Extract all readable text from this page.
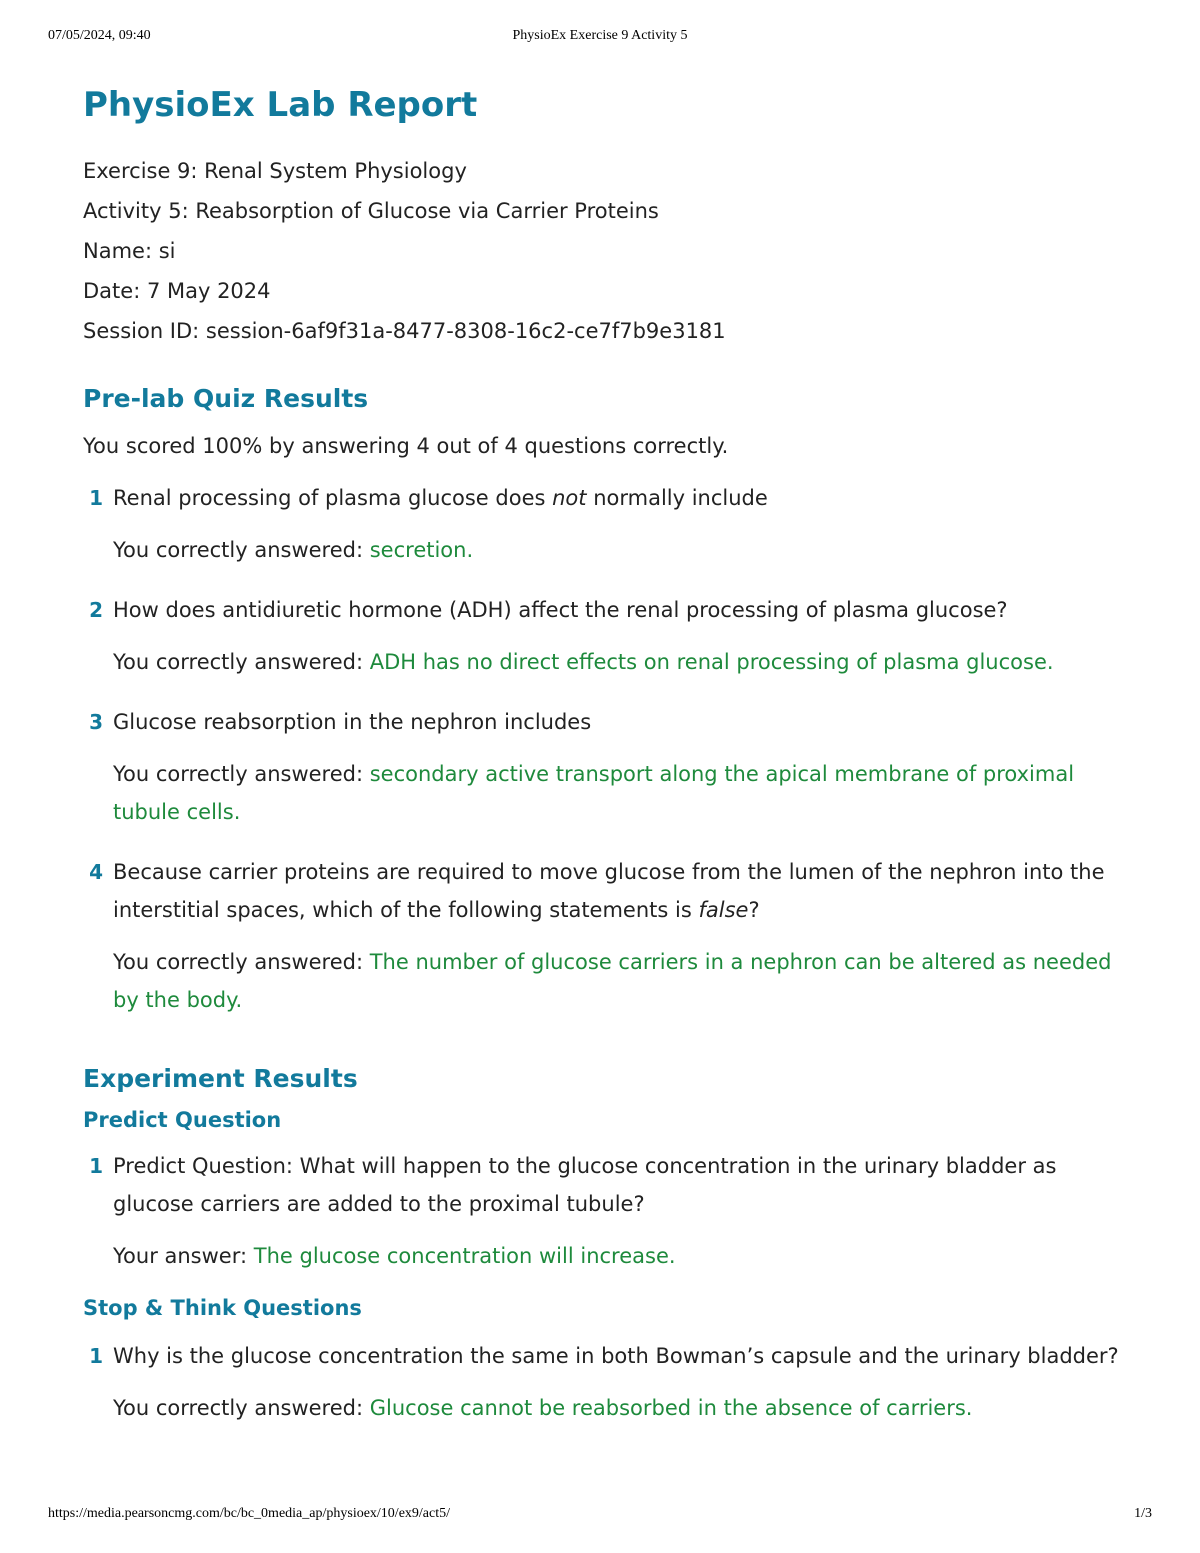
07/05/2024, 09:40	PhysioEx Exercise 9 Activity 5
PhysioEx Lab Report
Exercise 9: Renal System Physiology
Activity 5: Reabsorption of Glucose via Carrier Proteins
Name: si
Date: 7 May 2024
Session ID: session-6af9f31a-8477-8308-16c2-ce7f7b9e3181
Pre-lab Quiz Results
You scored 100% by answering 4 out of 4 questions correctly.
1 Renal processing of plasma glucose does not normally include
You correctly answered: secretion.
2 How does antidiuretic hormone (ADH) affect the renal processing of plasma glucose?
You correctly answered: ADH has no direct effects on renal processing of plasma glucose.
3 Glucose reabsorption in the nephron includes
You correctly answered: secondary active transport along the apical membrane of proximal tubule cells.
4 Because carrier proteins are required to move glucose from the lumen of the nephron into the interstitial spaces, which of the following statements is false?
You correctly answered: The number of glucose carriers in a nephron can be altered as needed by the body.
Experiment Results
Predict Question
1 Predict Question: What will happen to the glucose concentration in the urinary bladder as glucose carriers are added to the proximal tubule?
Your answer: The glucose concentration will increase.
Stop & Think Questions
1 Why is the glucose concentration the same in both Bowman’s capsule and the urinary bladder?
You correctly answered: Glucose cannot be reabsorbed in the absence of carriers.
https://media.pearsoncmg.com/bc/bc_0media_ap/physioex/10/ex9/act5/	1/3
